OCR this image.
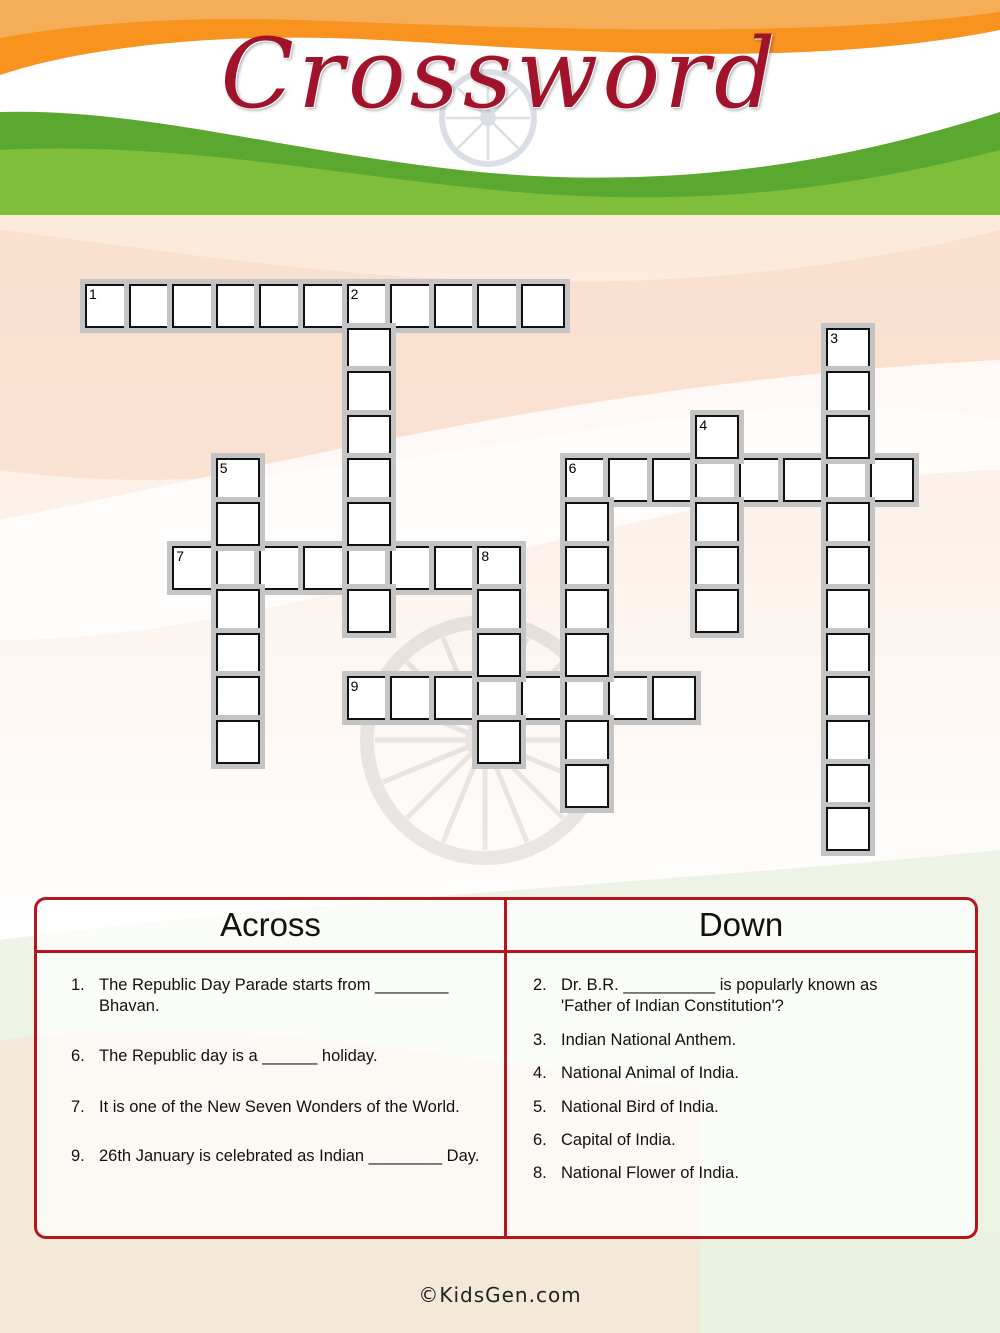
Crossword
1	2
6
7	8
9
3
4
5
Across
1. The Republic Day Parade starts from ________ Bhavan.
6. The Republic day is a ______ holiday.
7. It is one of the New Seven Wonders of the World.
9. 26th January is celebrated as Indian ________ Day.
Down
2. Dr. B.R. __________ is popularly known as 'Father of Indian Constitution'?
3. Indian National Anthem.
4. National Animal of India.
5. National Bird of India.
6. Capital of India.
8. National Flower of India.
©KidsGen.com
